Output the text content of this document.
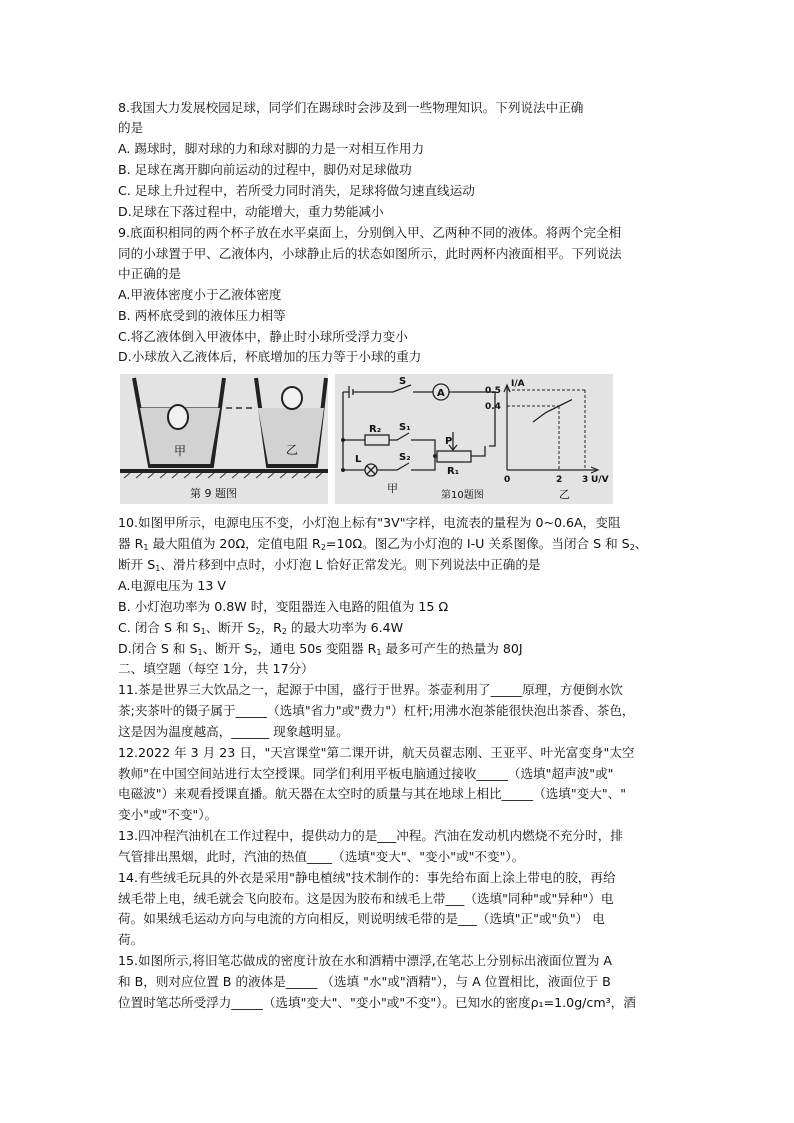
8.我国大力发展校园足球，同学们在踢球时会涉及到一些物理知识。下列说法中正确
的是
A. 踢球时，脚对球的力和球对脚的力是一对相互作用力
B. 足球在离开脚向前运动的过程中，脚仍对足球做功
C. 足球上升过程中，若所受力同时消失，足球将做匀速直线运动
D.足球在下落过程中，动能增大，重力势能减小
9.底面积相同的两个杯子放在水平桌面上，分别倒入甲、乙两种不同的液体。将两个完全相
同的小球置于甲、乙液体内，小球静止后的状态如图所示，此时两杯内液面相平。下列说法
中正确的是
A.甲液体密度小于乙液体密度
B. 两杯底受到的液体压力相等
C.将乙液体倒入甲液体中，静止时小球所受浮力变小
D.小球放入乙液体后，杯底增加的压力等于小球的重力
甲	乙
第 9 题图
S
A
R₂ S₁
L	S₂
P
R₁
甲
第10题图
I/A
U/V
0.5
0.4
0	2 3
乙
10.如图甲所示，电源电压不变，小灯泡上标有"3V"字样，电流表的量程为 0~0.6A，变阻
器 $R_1$ 最大阻值为 20Ω，定值电阻 $R_2=10\Omega$。图乙为小灯泡的 I-U 关系图像。当闭合 S 和 $S_2$、
断开 $S_1$、滑片移到中点时，小灯泡 L 恰好正常发光。则下列说法中正确的是
A.电源电压为 13 V
B. 小灯泡功率为 0.8W 时，变阻器连入电路的阻值为 15 Ω
C. 闭合 S 和 $S_1$、断开 $S_2$，$R_2$ 的最大功率为 6.4W
D.闭合 S 和 $S_1$、断开 $S_2$，通电 50s 变阻器 $R_1$ 最多可产生的热量为 80J
二、填空题（每空 1分，共 17分）
11.茶是世界三大饮品之一，起源于中国，盛行于世界。茶壶利用了_____原理，方便倒水饮
茶;夹茶叶的镊子属于_____（选填"省力"或"费力"）杠杆;用沸水泡茶能很快泡出茶香、茶色，
这是因为温度越高，______ 现象越明显。
12.2022 年 3 月 23 日，"天宫课堂"第二课开讲，航天员翟志刚、王亚平、叶光富变身"太空
教师"在中国空间站进行太空授课。同学们利用平板电脑通过接收_____（选填"超声波"或"
电磁波"）来观看授课直播。航天器在太空时的质量与其在地球上相比_____（选填"变大"、"
变小"或"不变"）。
13.四冲程汽油机在工作过程中，提供动力的是___冲程。汽油在发动机内燃烧不充分时，排
气管排出黑烟，此时，汽油的热值____（选填"变大"、"变小"或"不变"）。
14.有些绒毛玩具的外衣是采用"静电植绒"技术制作的：事先给布面上涂上带电的胶，再给
绒毛带上电，绒毛就会飞向胶布。这是因为胶布和绒毛上带___（选填"同种"或"异种"）电
荷。如果绒毛运动方向与电流的方向相反，则说明绒毛带的是___（选填"正"或"负"） 电
荷。
15.如图所示,将旧笔芯做成的密度计放在水和酒精中漂浮,在笔芯上分别标出液面位置为 A
和 B，则对应位置 B 的液体是_____ （选填 "水"或"酒精"），与 A 位置相比，液面位于 B
位置时笔芯所受浮力_____（选填"变大"、"变小"或"不变"）。已知水的密度ρ₁=1.0g/cm³，酒
